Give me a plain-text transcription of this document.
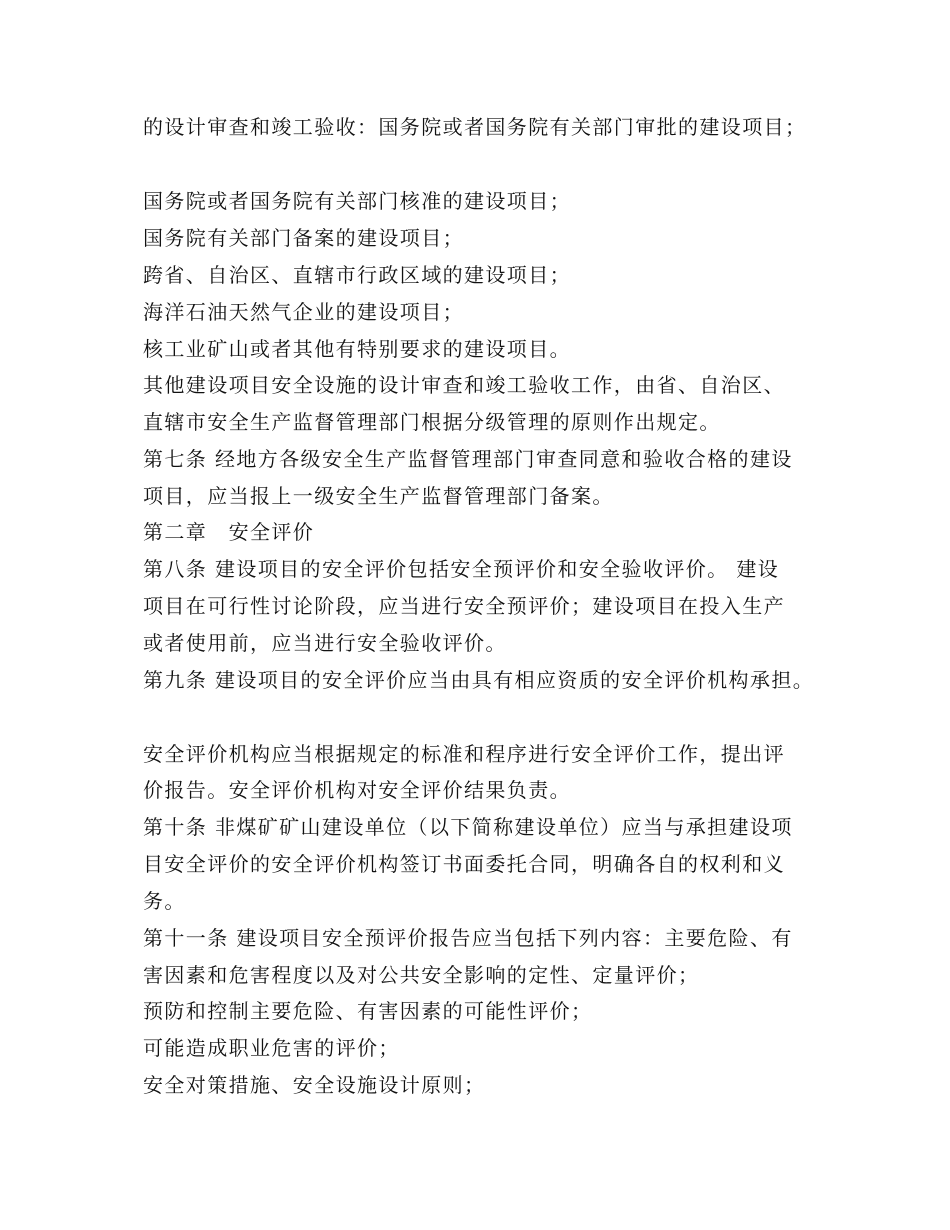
的设计审查和竣工验收：国务院或者国务院有关部门审批的建设项目；
国务院或者国务院有关部门核准的建设项目；
国务院有关部门备案的建设项目；
跨省、自治区、直辖市行政区域的建设项目；
海洋石油天然气企业的建设项目；
核工业矿山或者其他有特别要求的建设项目。
其他建设项目安全设施的设计审查和竣工验收工作，由省、自治区、
直辖市安全生产监督管理部门根据分级管理的原则作出规定。
第七条 经地方各级安全生产监督管理部门审查同意和验收合格的建设
项目，应当报上一级安全生产监督管理部门备案。
第二章　安全评价
第八条 建设项目的安全评价包括安全预评价和安全验收评价。 建设
项目在可行性讨论阶段，应当进行安全预评价；建设项目在投入生产
或者使用前，应当进行安全验收评价。
第九条 建设项目的安全评价应当由具有相应资质的安全评价机构承担。
安全评价机构应当根据规定的标准和程序进行安全评价工作，提出评
价报告。安全评价机构对安全评价结果负责。
第十条 非煤矿矿山建设单位（以下简称建设单位）应当与承担建设项
目安全评价的安全评价机构签订书面委托合同，明确各自的权利和义
务。
第十一条 建设项目安全预评价报告应当包括下列内容：主要危险、有
害因素和危害程度以及对公共安全影响的定性、定量评价；
预防和控制主要危险、有害因素的可能性评价；
可能造成职业危害的评价；
安全对策措施、安全设施设计原则；
